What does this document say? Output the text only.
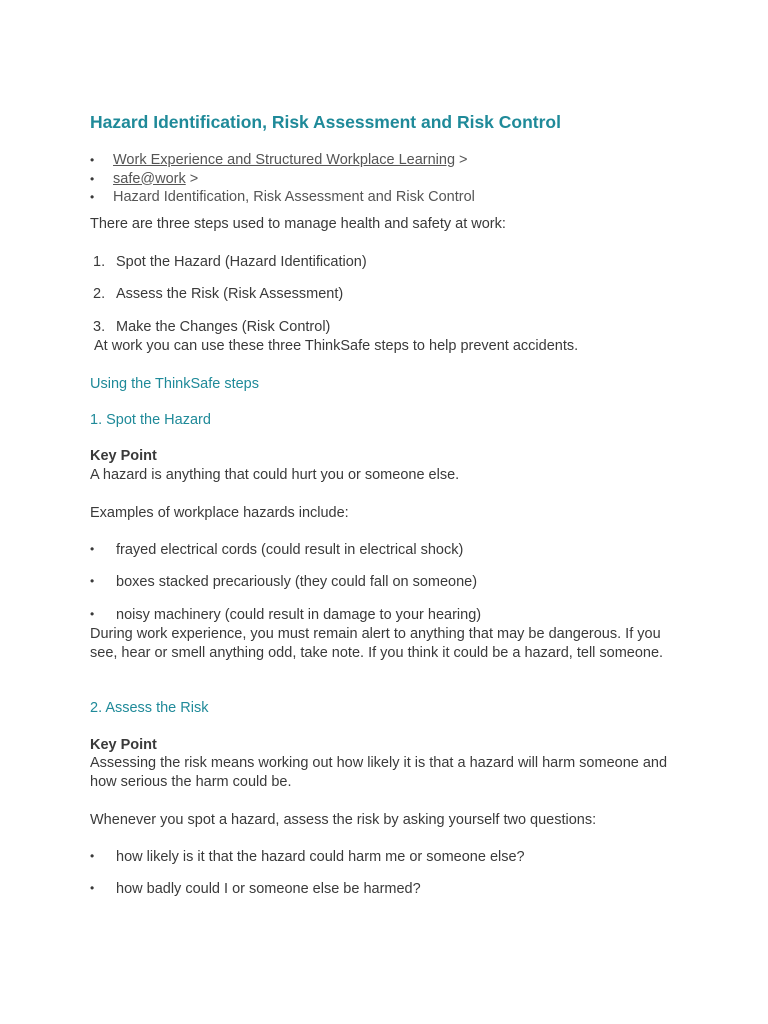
Hazard Identification, Risk Assessment and Risk Control
• Work Experience and Structured Workplace Learning >
• safe@work >
• Hazard Identification, Risk Assessment and Risk Control

There are three steps used to manage health and safety at work:

1. Spot the Hazard (Hazard Identification)
2. Assess the Risk (Risk Assessment)
3. Make the Changes (Risk Control)

At work you can use these three ThinkSafe steps to help prevent accidents.

Using the ThinkSafe steps

1. Spot the Hazard

Key Point

A hazard is anything that could hurt you or someone else.

Examples of workplace hazards include:

• frayed electrical cords (could result in electrical shock)
• boxes stacked precariously (they could fall on someone)
• noisy machinery (could result in damage to your hearing)

During work experience, you must remain alert to anything that may be dangerous. If you see, hear or smell anything odd, take note. If you think it could be a hazard, tell someone.

2. Assess the Risk

Key Point

Assessing the risk means working out how likely it is that a hazard will harm someone and how serious the harm could be.

Whenever you spot a hazard, assess the risk by asking yourself two questions:

• how likely is it that the hazard could harm me or someone else?
• how badly could I or someone else be harmed?
